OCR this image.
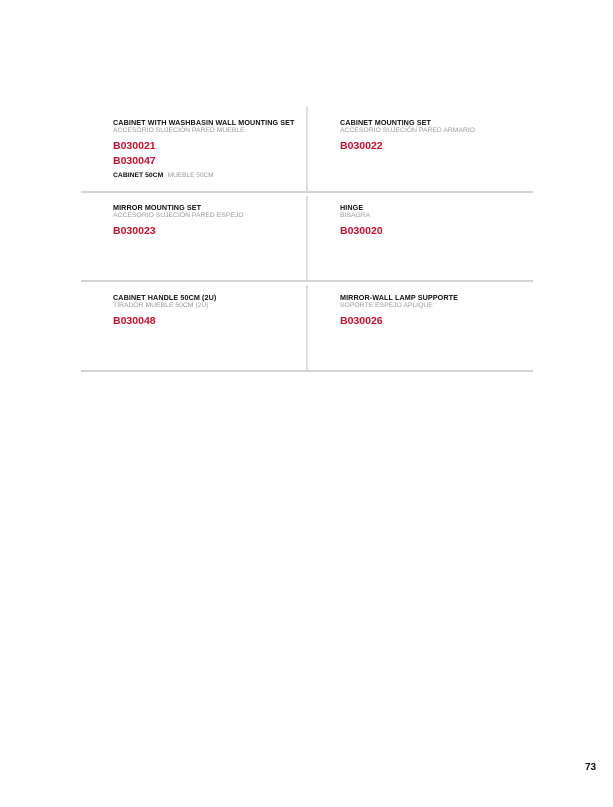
CABINET WITH WASHBASIN WALL MOUNTING SET
ACCESORIO SUJECIÓN PARED MUEBLE
B030021
B030047
CABINET 50CM MUEBLE 50CM
CABINET MOUNTING SET
ACCESORIO SUJECIÓN PARED ARMARIO
B030022
MIRROR MOUNTING SET
ACCESORIO SUJECIÓN PARED ESPEJO
B030023
HINGE
BISAGRA
B030020
CABINET HANDLE 50CM (2U)
TIRADOR MUEBLE 50CM (2U)
B030048
MIRROR-WALL LAMP SUPPORTE
SOPORTE ESPEJO APLIQUE
B030026
73
